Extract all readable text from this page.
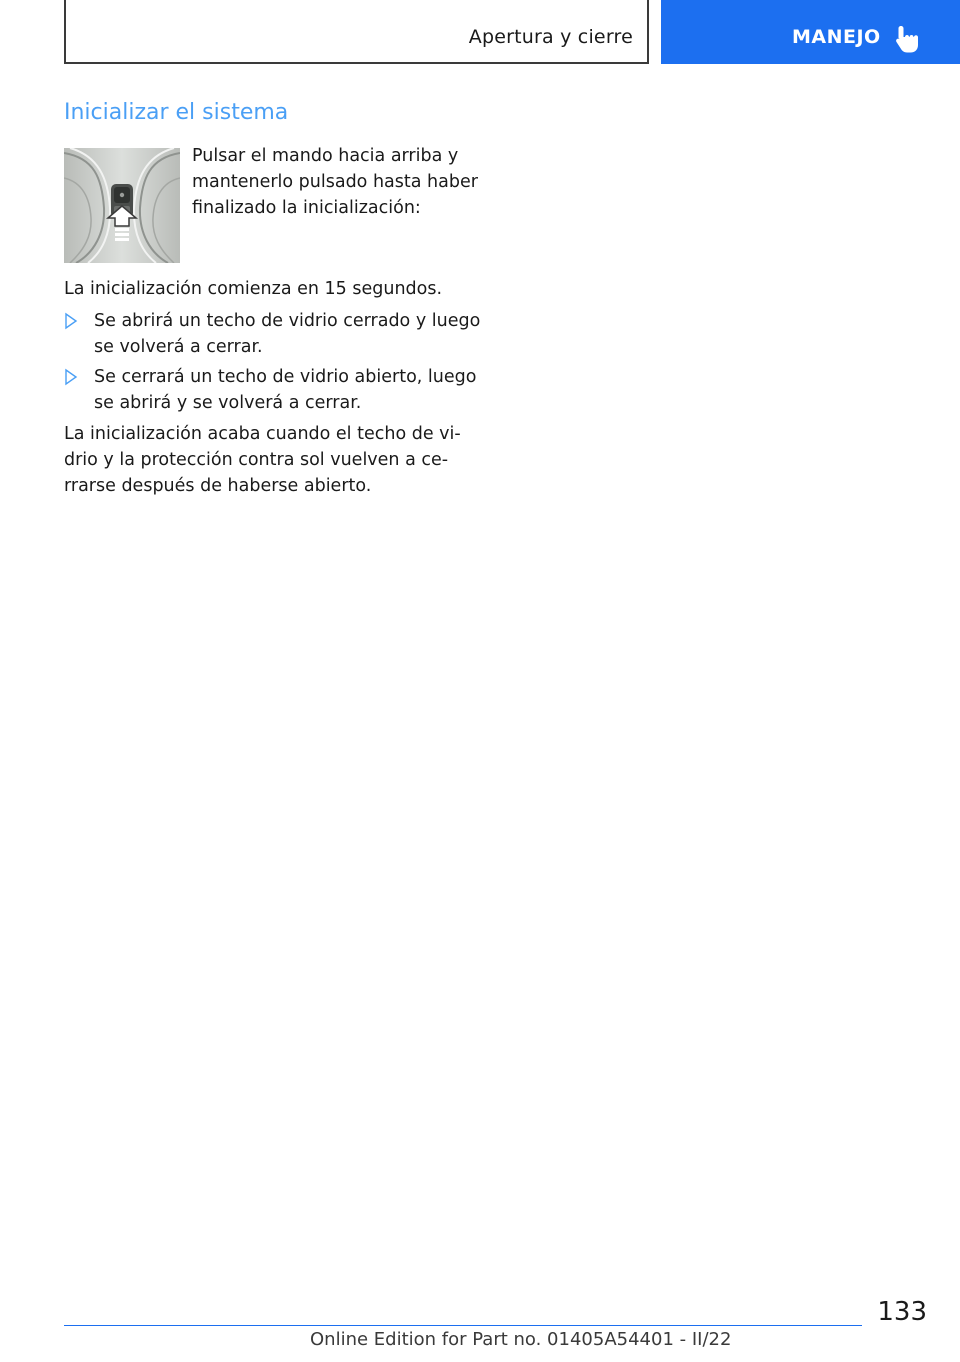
Apertura y cierre	MANEJO
Inicializar el sistema

Pulsar el mando hacia arriba y mantenerlo pulsado hasta haber finalizado la inicialización:

La inicialización comienza en 15 segundos.

Se abrirá un techo de vidrio cerrado y luego se volverá a cerrar.
Se cerrará un techo de vidrio abierto, luego se abrirá y se volverá a cerrar.

La inicialización acaba cuando el techo de vi-drio y la protección contra sol vuelven a ce-rrarse después de haberse abierto.

133
Online Edition for Part no. 01405A54401 - II/22
